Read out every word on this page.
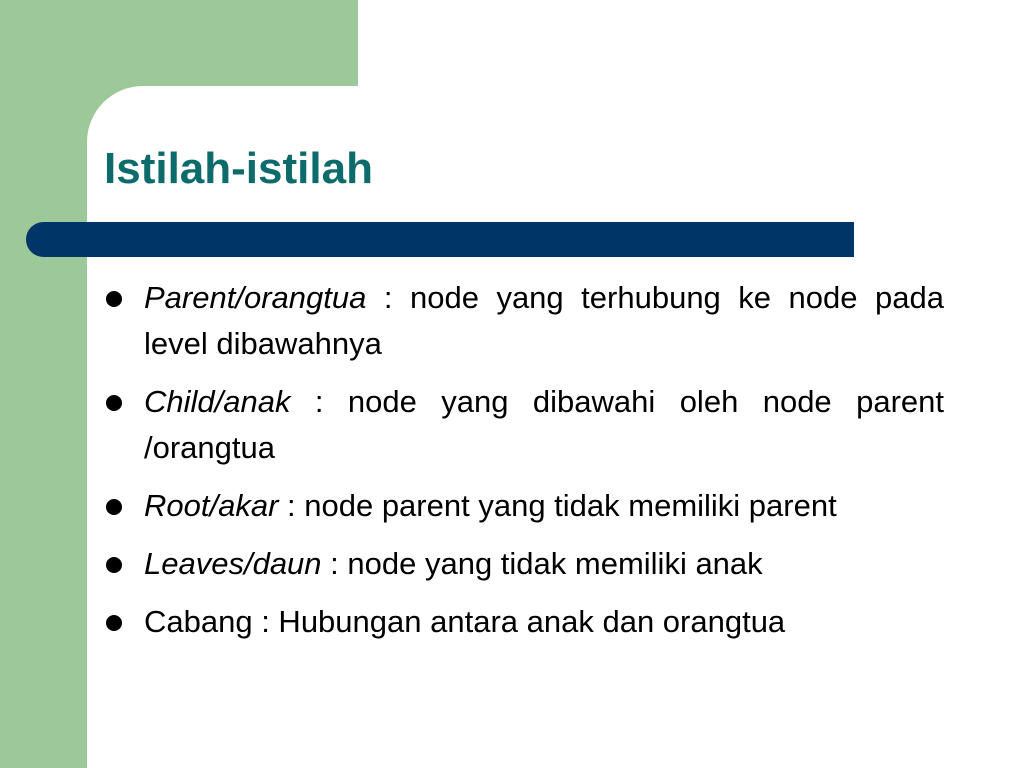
Istilah-istilah
Parent/orangtua : node yang terhubung ke node pada level dibawahnya
Child/anak : node yang dibawahi oleh node parent /orangtua
Root/akar : node parent yang tidak memiliki parent
Leaves/daun : node yang tidak memiliki anak
Cabang : Hubungan antara anak dan orangtua
